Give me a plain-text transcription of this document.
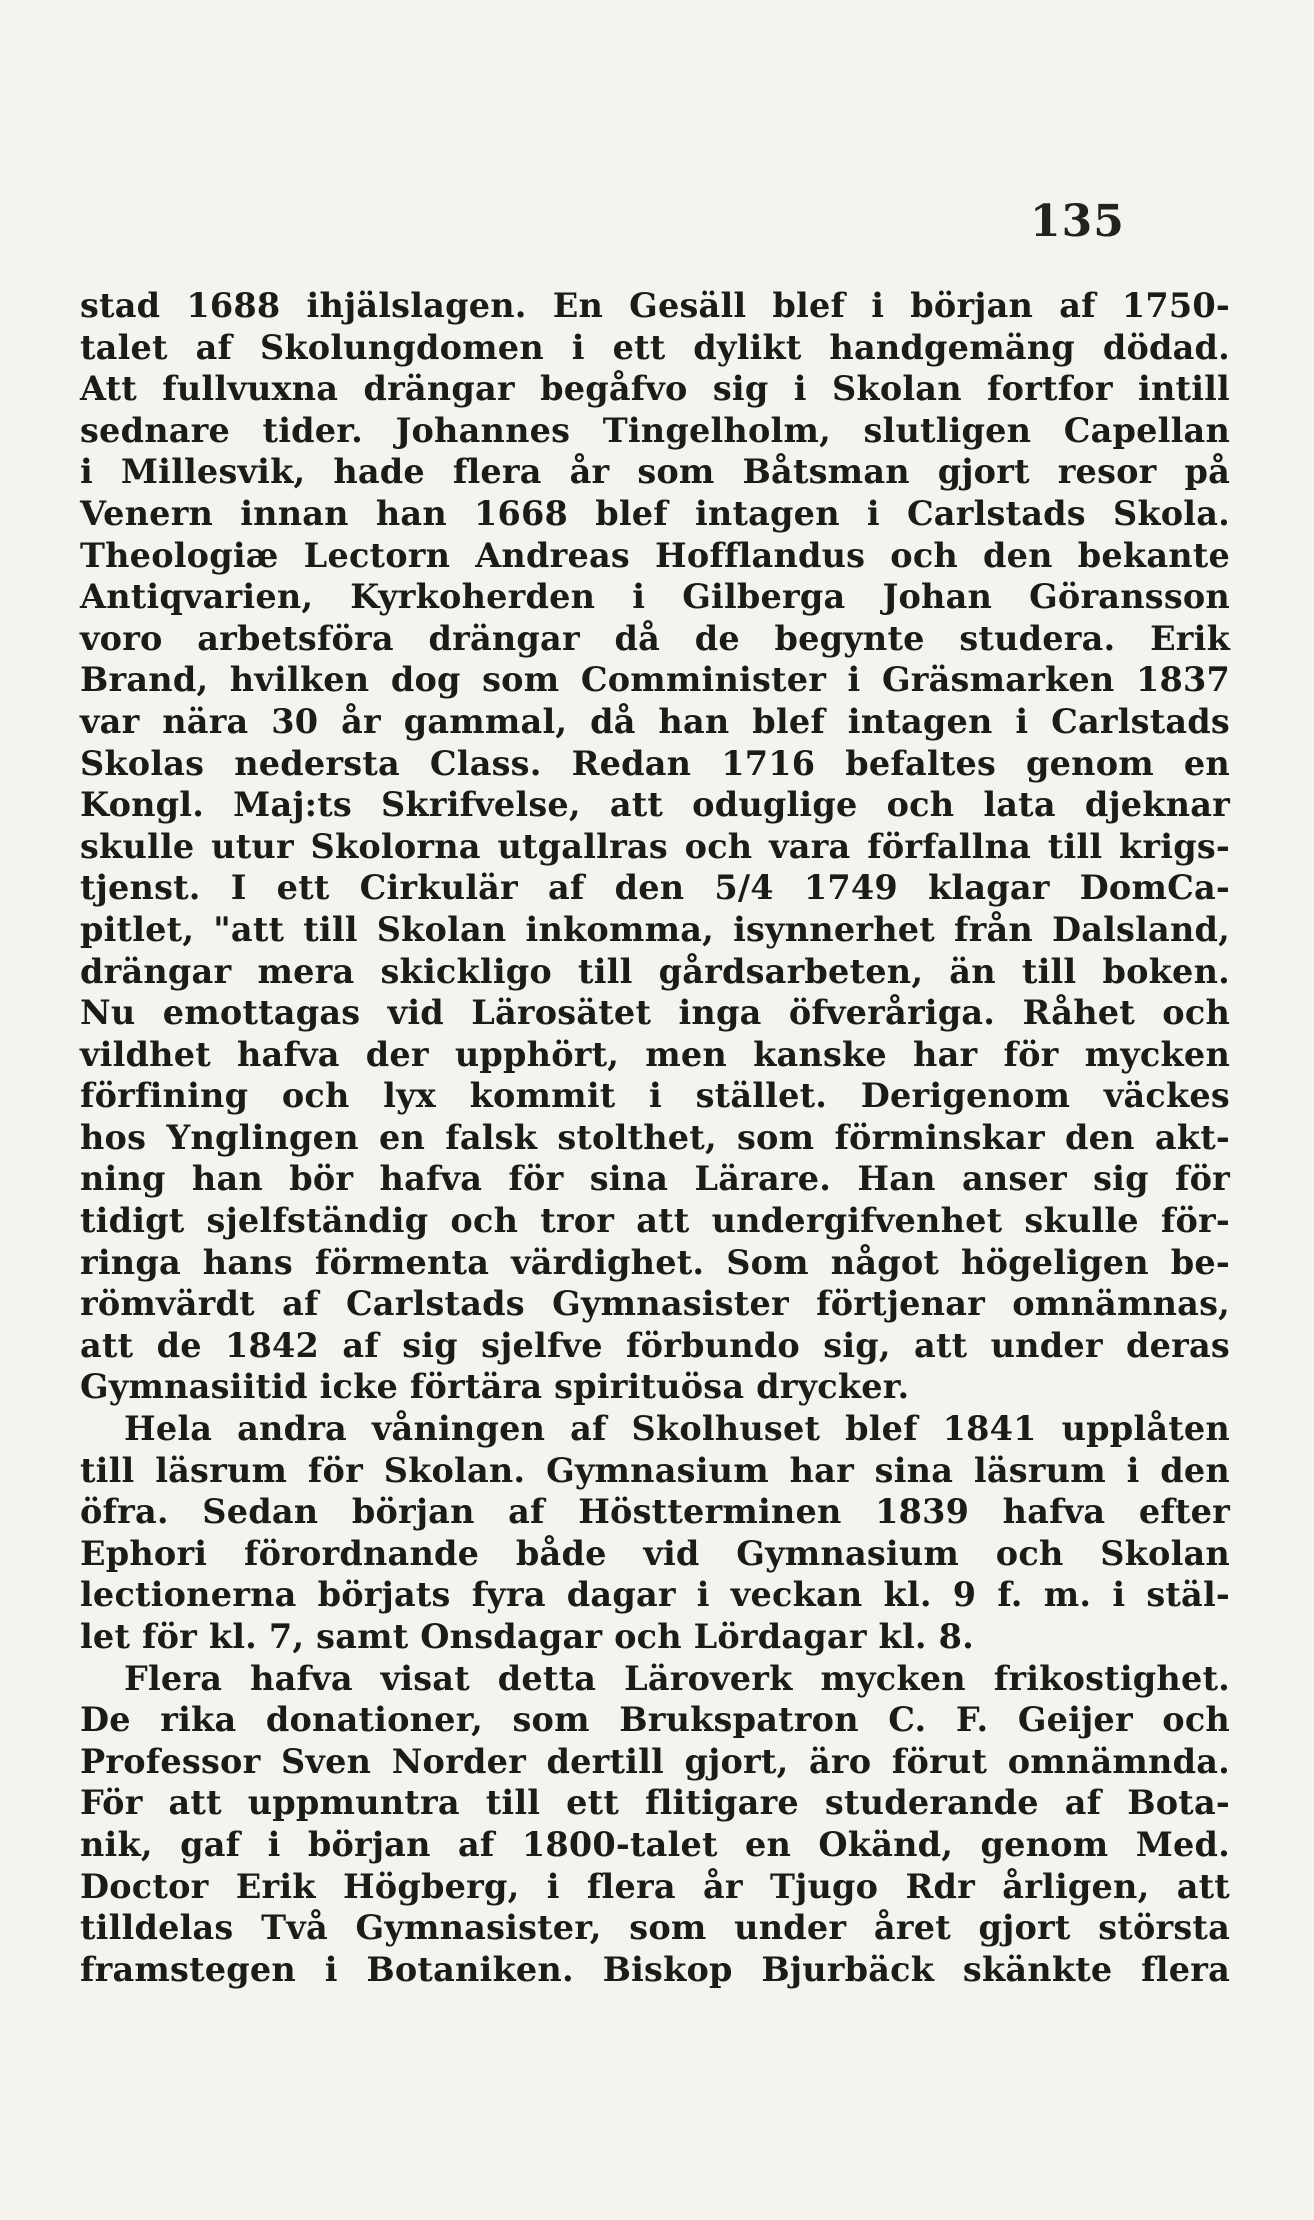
135
stad 1688 ihjälslagen. En Gesäll blef i början af 1750-
talet af Skolungdomen i ett dylikt handgemäng dödad.
Att fullvuxna drängar begåfvo sig i Skolan fortfor intill
sednare tider. Johannes Tingelholm, slutligen Capellan
i Millesvik, hade flera år som Båtsman gjort resor på
Venern innan han 1668 blef intagen i Carlstads Skola.
Theologiæ Lectorn Andreas Hofflandus och den bekante
Antiqvarien, Kyrkoherden i Gilberga Johan Göransson
voro arbetsföra drängar då de begynte studera. Erik
Brand, hvilken dog som Comminister i Gräsmarken 1837
var nära 30 år gammal, då han blef intagen i Carlstads
Skolas nedersta Class. Redan 1716 befaltes genom en
Kongl. Maj:ts Skrifvelse, att oduglige och lata djeknar
skulle utur Skolorna utgallras och vara förfallna till krigs-
tjenst. I ett Cirkulär af den 5/4 1749 klagar DomCa-
pitlet, "att till Skolan inkomma, isynnerhet från Dalsland,
drängar mera skickligo till gårdsarbeten, än till boken.
Nu emottagas vid Lärosätet inga öfveråriga. Råhet och
vildhet hafva der upphört, men kanske har för mycken
förfining och lyx kommit i stället. Derigenom väckes
hos Ynglingen en falsk stolthet, som förminskar den akt-
ning han bör hafva för sina Lärare. Han anser sig för
tidigt sjelfständig och tror att undergifvenhet skulle för-
ringa hans förmenta värdighet. Som något högeligen be-
römvärdt af Carlstads Gymnasister förtjenar omnämnas,
att de 1842 af sig sjelfve förbundo sig, att under deras
Gymnasiitid icke förtära spirituösa drycker.
Hela andra våningen af Skolhuset blef 1841 upplåten
till läsrum för Skolan. Gymnasium har sina läsrum i den
öfra. Sedan början af Höstterminen 1839 hafva efter
Ephori förordnande både vid Gymnasium och Skolan
lectionerna börjats fyra dagar i veckan kl. 9 f. m. i stäl-
let för kl. 7, samt Onsdagar och Lördagar kl. 8.
Flera hafva visat detta Läroverk mycken frikostighet.
De rika donationer, som Brukspatron C. F. Geijer och
Professor Sven Norder dertill gjort, äro förut omnämnda.
För att uppmuntra till ett flitigare studerande af Bota-
nik, gaf i början af 1800-talet en Okänd, genom Med.
Doctor Erik Högberg, i flera år Tjugo Rdr årligen, att
tilldelas Två Gymnasister, som under året gjort största
framstegen i Botaniken. Biskop Bjurbäck skänkte flera
